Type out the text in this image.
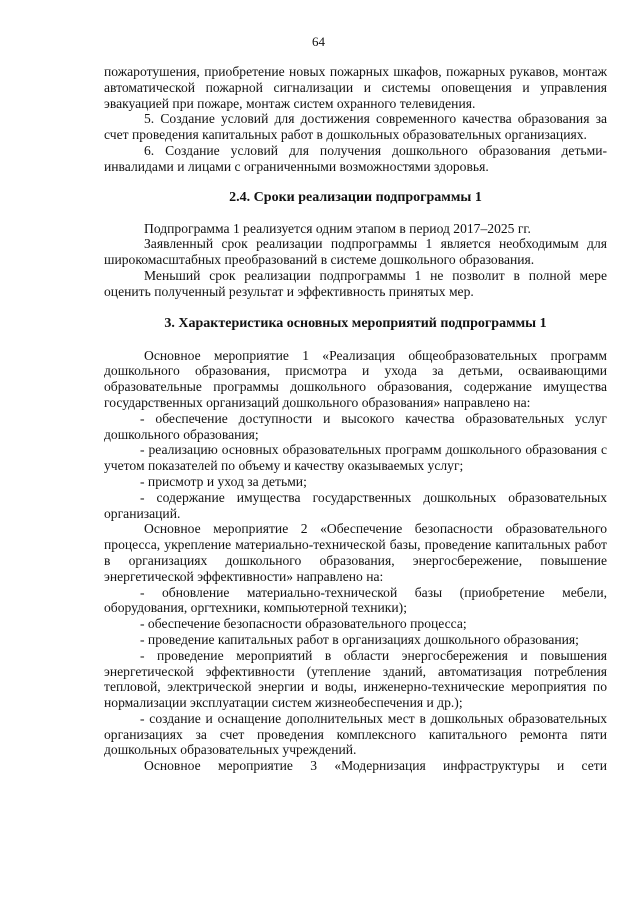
64

пожаротушения, приобретение новых пожарных шкафов, пожарных рукавов, монтаж автоматической пожарной сигнализации и системы оповещения и управления эвакуацией при пожаре, монтаж систем охранного телевидения.

5. Создание условий для достижения современного качества образования за счет проведения капитальных работ в дошкольных образовательных организациях.

6. Создание условий для получения дошкольного образования детьми-инвалидами и лицами с ограниченными возможностями здоровья.

2.4. Сроки реализации подпрограммы 1

Подпрограмма 1 реализуется одним этапом в период 2017–2025 гг.

Заявленный срок реализации подпрограммы 1 является необходимым для широкомасштабных преобразований в системе дошкольного образования.

Меньший срок реализации подпрограммы 1 не позволит в полной мере оценить полученный результат и эффективность принятых мер.

3. Характеристика основных мероприятий подпрограммы 1

Основное мероприятие 1 «Реализация общеобразовательных программ дошкольного образования, присмотра и ухода за детьми, осваивающими образовательные программы дошкольного образования, содержание имущества государственных организаций дошкольного образования» направлено на:

- обеспечение доступности и высокого качества образовательных услуг дошкольного образования;

- реализацию основных образовательных программ дошкольного образования с учетом показателей по объему и качеству оказываемых услуг;

- присмотр и уход за детьми;

- содержание имущества государственных дошкольных образовательных организаций.

Основное мероприятие 2 «Обеспечение безопасности образовательного процесса, укрепление материально-технической базы, проведение капитальных работ в организациях дошкольного образования, энергосбережение, повышение энергетической эффективности» направлено на:

- обновление материально-технической базы (приобретение мебели, оборудования, оргтехники, компьютерной техники);

- обеспечение безопасности образовательного процесса;

- проведение капитальных работ в организациях дошкольного образования;

- проведение мероприятий в области энергосбережения и повышения энергетической эффективности (утепление зданий, автоматизация потребления тепловой, электрической энергии и воды, инженерно-технические мероприятия по нормализации эксплуатации систем жизнеобеспечения и др.);

- создание и оснащение дополнительных мест в дошкольных образовательных организациях за счет проведения комплексного капитального ремонта пяти дошкольных образовательных учреждений.

Основное мероприятие 3 «Модернизация инфраструктуры и сети
